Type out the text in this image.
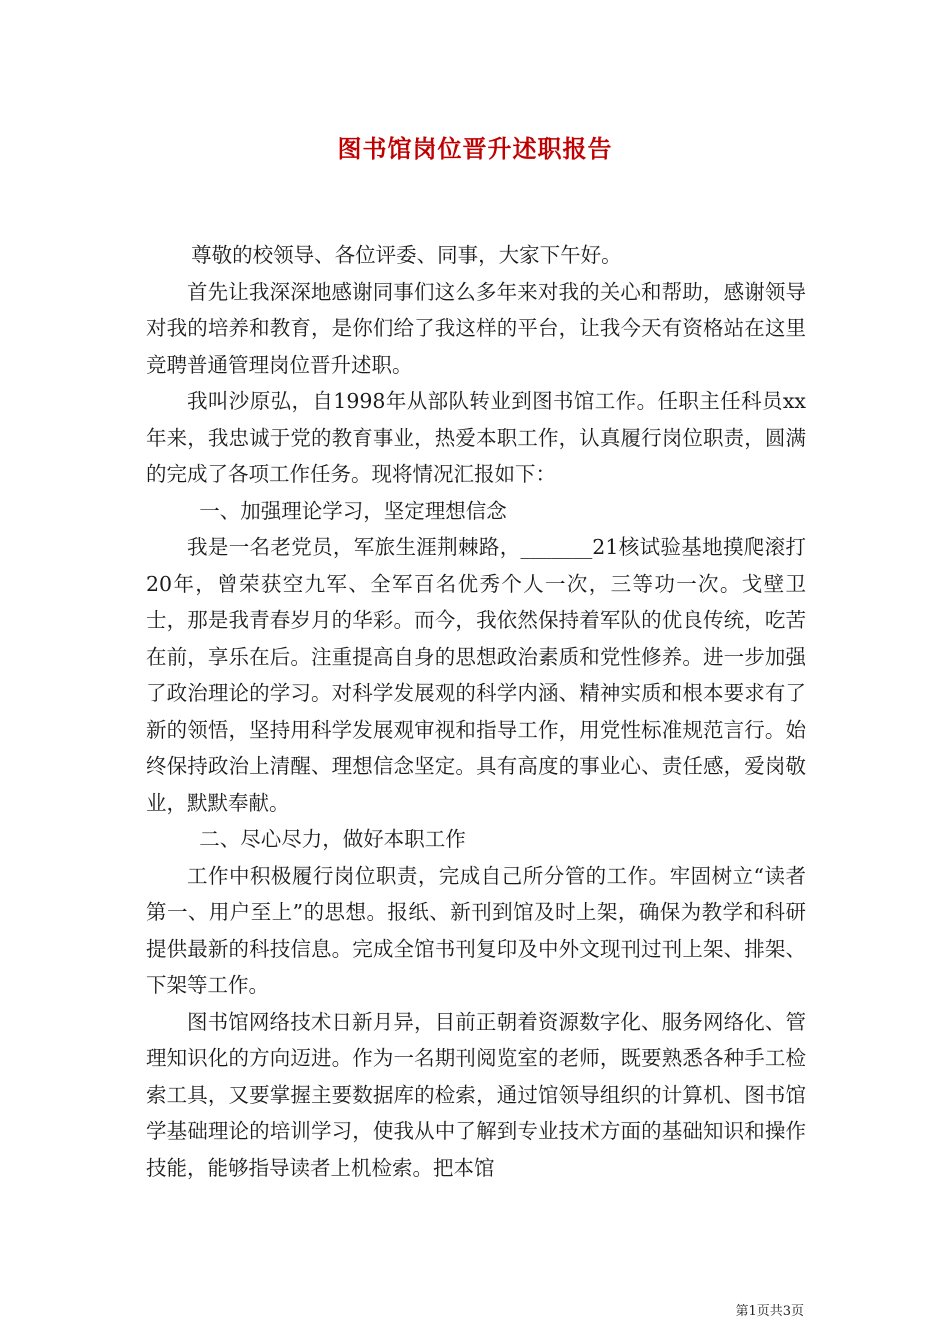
图书馆岗位晋升述职报告

尊敬的校领导、各位评委、同事，大家下午好。

首先让我深深地感谢同事们这么多年来对我的关心和帮助，感谢领导对我的培养和教育，是你们给了我这样的平台，让我今天有资格站在这里竞聘普通管理岗位晋升述职。

我叫沙原弘，自1998年从部队转业到图书馆工作。任职主任科员xx年来，我忠诚于党的教育事业，热爱本职工作，认真履行岗位职责，圆满的完成了各项工作任务。现将情况汇报如下：

一、加强理论学习，坚定理想信念

我是一名老党员，军旅生涯荆棘路，_______21核试验基地摸爬滚打20年，曾荣获空九军、全军百名优秀个人一次，三等功一次。戈壁卫士，那是我青春岁月的华彩。而今，我依然保持着军队的优良传统，吃苦在前，享乐在后。注重提高自身的思想政治素质和党性修养。进一步加强了政治理论的学习。对科学发展观的科学内涵、精神实质和根本要求有了新的领悟，坚持用科学发展观审视和指导工作，用党性标准规范言行。始终保持政治上清醒、理想信念坚定。具有高度的事业心、责任感，爱岗敬业，默默奉献。

二、尽心尽力，做好本职工作

工作中积极履行岗位职责，完成自己所分管的工作。牢固树立“读者第一、用户至上”的思想。报纸、新刊到馆及时上架，确保为教学和科研提供最新的科技信息。完成全馆书刊复印及中外文现刊过刊上架、排架、下架等工作。

图书馆网络技术日新月异，目前正朝着资源数字化、服务网络化、管理知识化的方向迈进。作为一名期刊阅览室的老师，既要熟悉各种手工检索工具，又要掌握主要数据库的检索，通过馆领导组织的计算机、图书馆学基础理论的培训学习，使我从中了解到专业技术方面的基础知识和操作技能，能够指导读者上机检索。把本馆

第1页共3页
